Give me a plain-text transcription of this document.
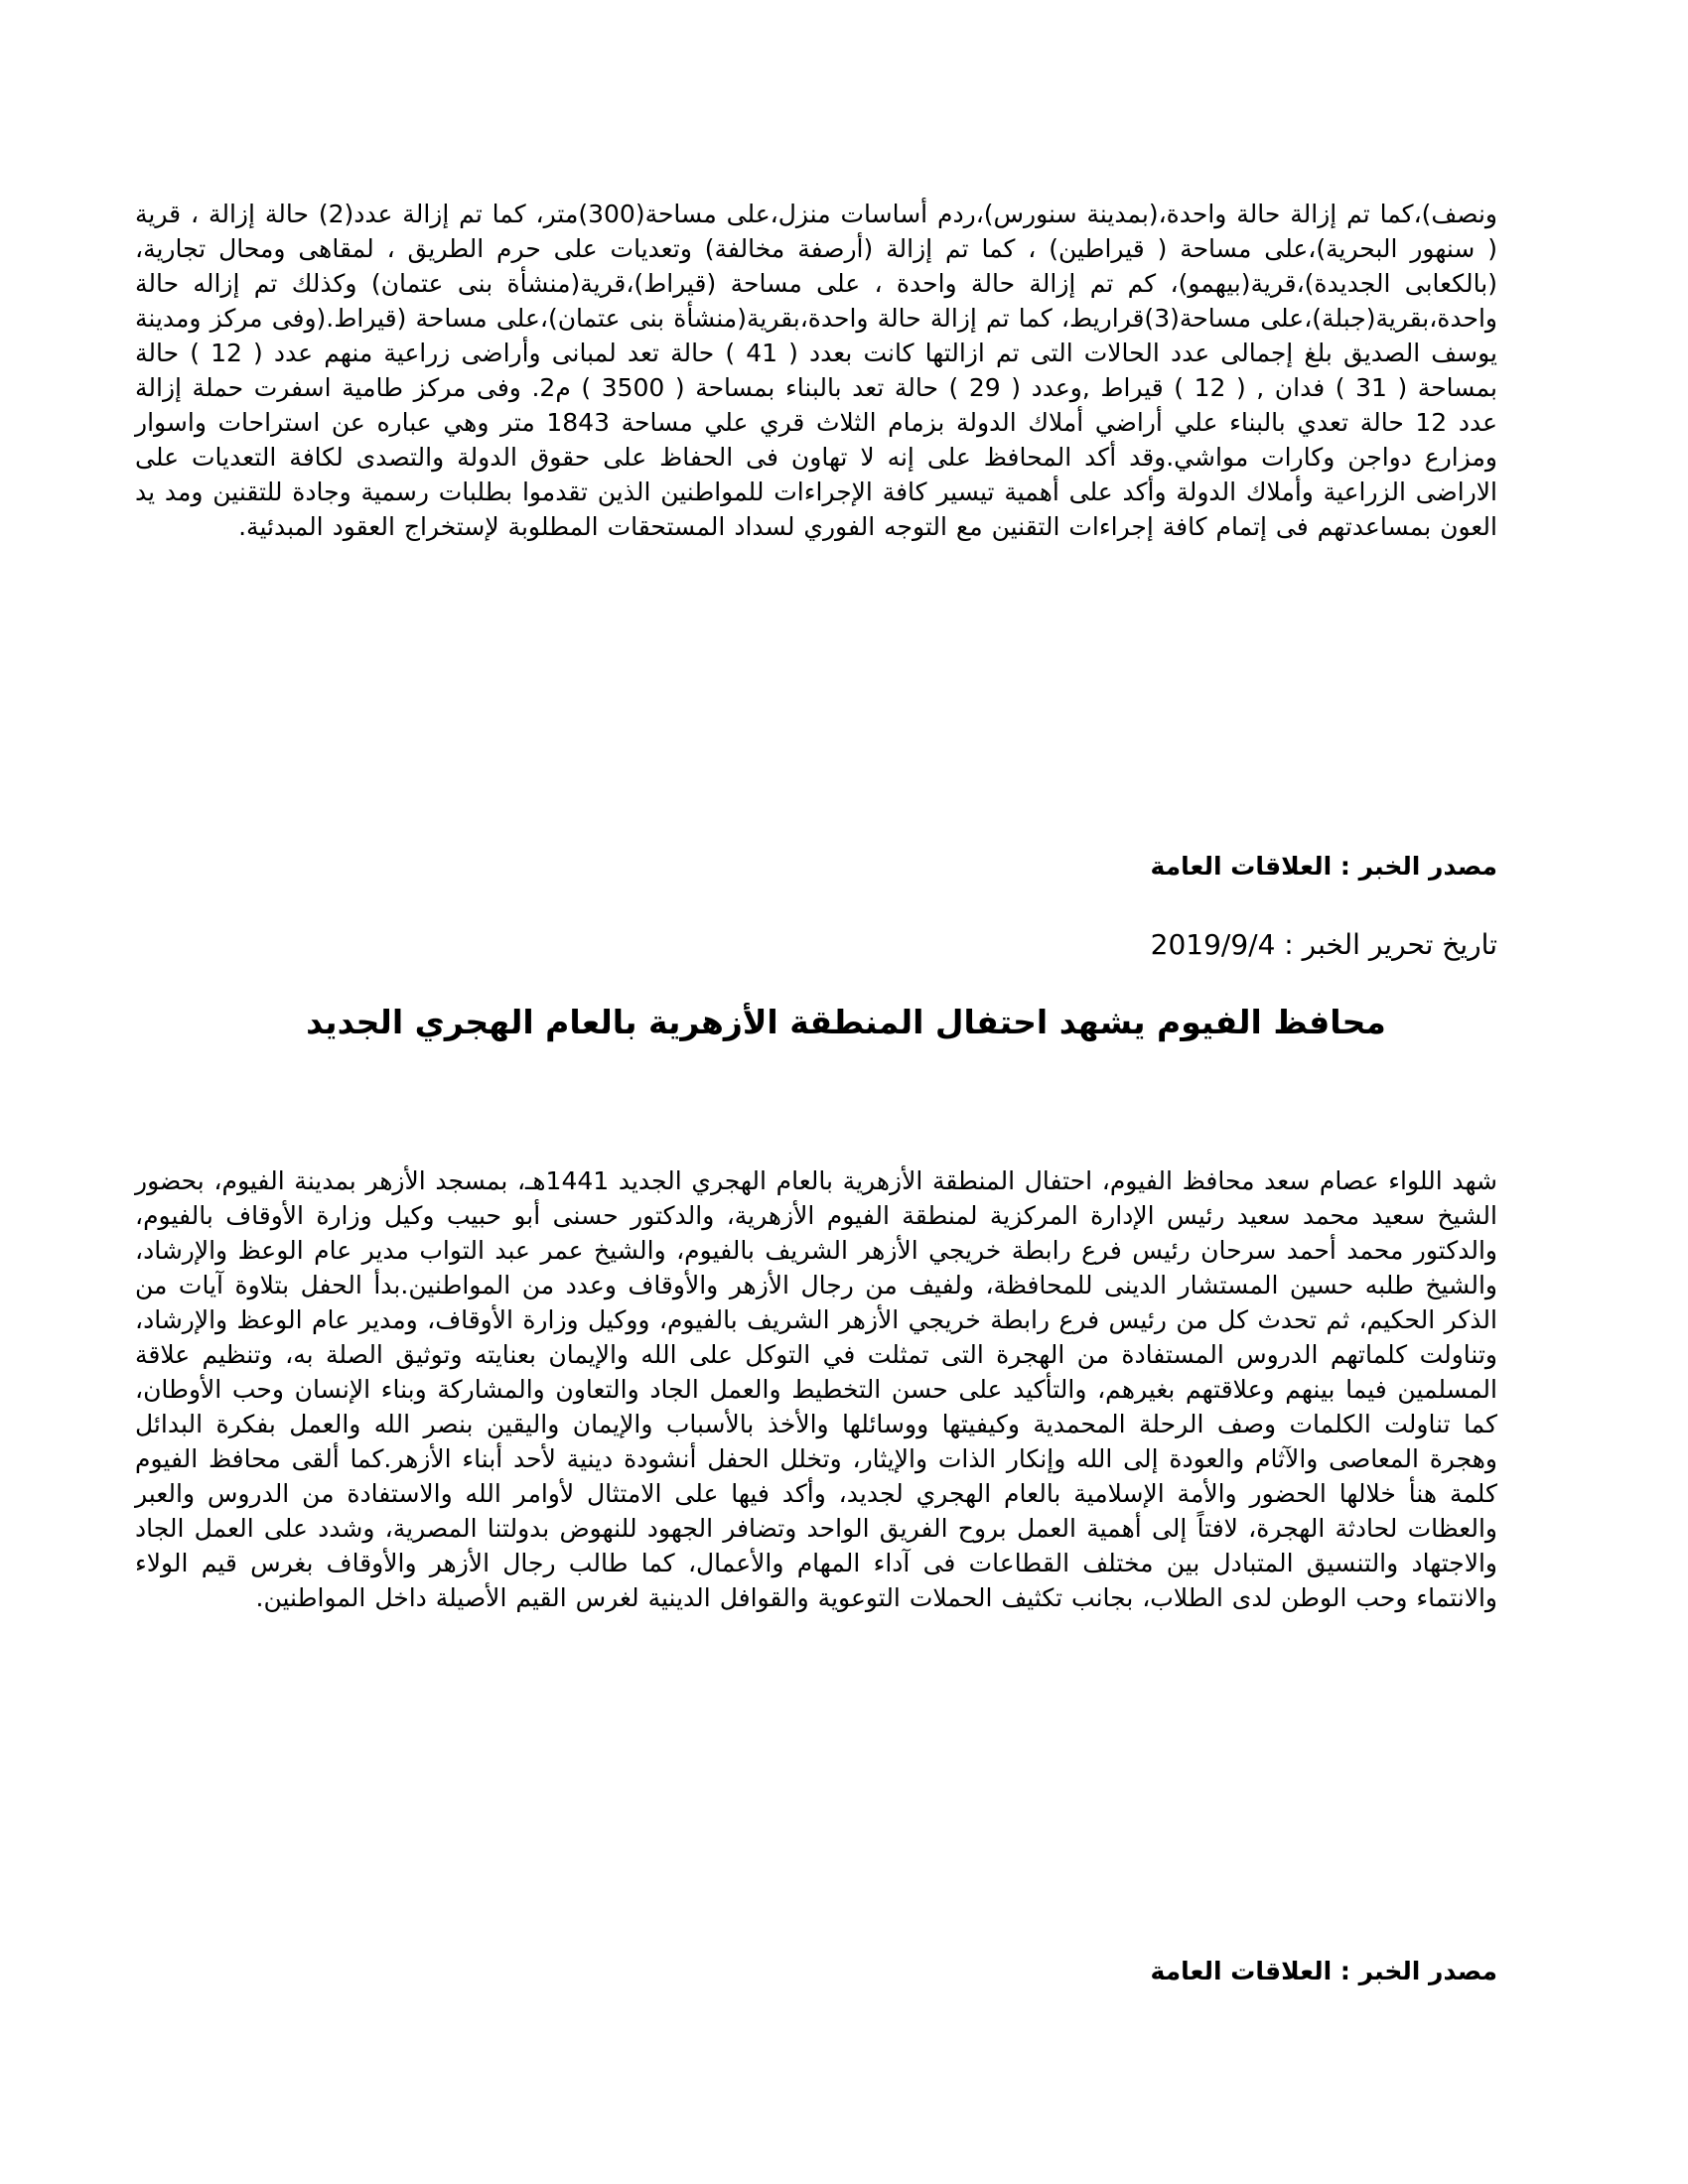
ونصف)،كما تم إزالة حالة واحدة،(بمدينة سنورس)،ردم أساسات منزل،على مساحة(300)متر، كما تم إزالة عدد(2) حالة إزالة ، قرية ( سنهور البحرية)،على مساحة ( قيراطين) ، كما تم إزالة (أرصفة مخالفة) وتعديات على حرم الطريق ، لمقاهى ومحال تجارية،(بالكعابى الجديدة)،قرية(بيهمو)، كم تم إزالة حالة واحدة ، على مساحة (قيراط)،قرية(منشأة بنى عتمان) وكذلك تم إزاله حالة واحدة،بقرية(جبلة)،على مساحة(3)قراريط، كما تم إزالة حالة واحدة،بقرية(منشأة بنى عتمان)،على مساحة (قيراط.(وفى مركز ومدينة يوسف الصديق بلغ إجمالى عدد الحالات التى تم ازالتها كانت بعدد ( 41 ) حالة تعد لمبانى وأراضى زراعية منهم عدد ( 12 ) حالة بمساحة ( 31 ) فدان , ( 12 ) قيراط ,وعدد ( 29 ) حالة تعد بالبناء بمساحة ( 3500 ) م2. وفى مركز طامية اسفرت حملة إزالة عدد 12 حالة تعدي بالبناء علي أراضي أملاك الدولة بزمام الثلاث قري علي مساحة 1843 متر وهي عباره عن استراحات واسوار ومزارع دواجن وكارات مواشي.وقد أكد المحافظ على إنه لا تهاون فى الحفاظ على حقوق الدولة والتصدى لكافة التعديات على الاراضى الزراعية وأملاك الدولة وأكد على أهمية تيسير كافة الإجراءات للمواطنين الذين تقدموا بطلبات رسمية وجادة للتقنين ومد يد العون بمساعدتهم فى إتمام كافة إجراءات التقنين مع التوجه الفوري لسداد المستحقات المطلوبة لإستخراج العقود المبدئية.

مصدر الخبر : العلاقات العامة

تاريخ تحرير الخبر : 2019/9/4

محافظ الفيوم يشهد احتفال المنطقة الأزهرية بالعام الهجري الجديد

شهد اللواء عصام سعد محافظ الفيوم، احتفال المنطقة الأزهرية بالعام الهجري الجديد 1441هـ، بمسجد الأزهر بمدينة الفيوم، بحضور الشيخ سعيد محمد سعيد رئيس الإدارة المركزية لمنطقة الفيوم الأزهرية، والدكتور حسنى أبو حبيب وكيل وزارة الأوقاف بالفيوم، والدكتور محمد أحمد سرحان رئيس فرع رابطة خريجي الأزهر الشريف بالفيوم، والشيخ عمر عبد التواب مدير عام الوعظ والإرشاد، والشيخ طلبه حسين المستشار الدينى للمحافظة، ولفيف من رجال الأزهر والأوقاف وعدد من المواطنين.بدأ الحفل بتلاوة آيات من الذكر الحكيم، ثم تحدث كل من رئيس فرع رابطة خريجي الأزهر الشريف بالفيوم، ووكيل وزارة الأوقاف، ومدير عام الوعظ والإرشاد، وتناولت كلماتهم الدروس المستفادة من الهجرة التى تمثلت في التوكل على الله والإيمان بعنايته وتوثيق الصلة به، وتنظيم علاقة المسلمين فيما بينهم وعلاقتهم بغيرهم، والتأكيد على حسن التخطيط والعمل الجاد والتعاون والمشاركة وبناء الإنسان وحب الأوطان، كما تناولت الكلمات وصف الرحلة المحمدية وكيفيتها ووسائلها والأخذ بالأسباب والإيمان واليقين بنصر الله والعمل بفكرة البدائل وهجرة المعاصى والآثام والعودة إلى الله وإنكار الذات والإيثار، وتخلل الحفل أنشودة دينية لأحد أبناء الأزهر.كما ألقى محافظ الفيوم كلمة هنأ خلالها الحضور والأمة الإسلامية بالعام الهجري لجديد، وأكد فيها على الامتثال لأوامر الله والاستفادة من الدروس والعبر والعظات لحادثة الهجرة، لافتاً إلى أهمية العمل بروح الفريق الواحد وتضافر الجهود للنهوض بدولتنا المصرية، وشدد على العمل الجاد والاجتهاد والتنسيق المتبادل بين مختلف القطاعات فى آداء المهام والأعمال، كما طالب رجال الأزهر والأوقاف بغرس قيم الولاء والانتماء وحب الوطن لدى الطلاب، بجانب تكثيف الحملات التوعوية والقوافل الدينية لغرس القيم الأصيلة داخل المواطنين.

مصدر الخبر : العلاقات العامة
